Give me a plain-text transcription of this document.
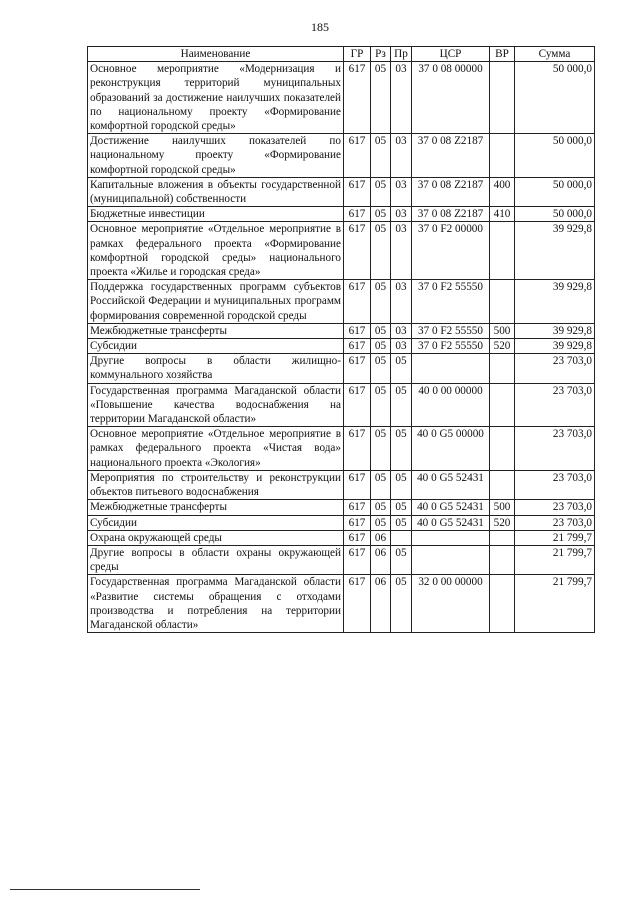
185
Наименование	ГР	Рз	Пр	ЦСР	ВР	Сумма
Основное мероприятие «Модернизация и реконструкция территорий муниципальных образований за достижение наилучших показателей по национальному проекту «Формирование комфортной городской среды»	617	05	03	37 0 08 00000		50 000,0
Достижение наилучших показателей по национальному проекту «Формирование комфортной городской среды»	617	05	03	37 0 08 Z2187		50 000,0
Капитальные вложения в объекты государственной (муниципальной) собственности	617	05	03	37 0 08 Z2187	400	50 000,0
Бюджетные инвестиции	617	05	03	37 0 08 Z2187	410	50 000,0
Основное мероприятие «Отдельное мероприятие в рамках федерального проекта «Формирование комфортной городской среды» национального проекта «Жилье и городская среда»	617	05	03	37 0 F2 00000		39 929,8
Поддержка государственных программ субъектов Российской Федерации и муниципальных программ формирования современной городской среды	617	05	03	37 0 F2 55550		39 929,8
Межбюджетные трансферты	617	05	03	37 0 F2 55550	500	39 929,8
Субсидии	617	05	03	37 0 F2 55550	520	39 929,8
Другие вопросы в области жилищно-коммунального хозяйства	617	05	05			23 703,0
Государственная программа Магаданской области «Повышение качества водоснабжения на территории Магаданской области»	617	05	05	40 0 00 00000		23 703,0
Основное мероприятие «Отдельное мероприятие в рамках федерального проекта «Чистая вода» национального проекта «Экология»	617	05	05	40 0 G5 00000		23 703,0
Мероприятия по строительству и реконструкции объектов питьевого водоснабжения	617	05	05	40 0 G5 52431		23 703,0
Межбюджетные трансферты	617	05	05	40 0 G5 52431	500	23 703,0
Субсидии	617	05	05	40 0 G5 52431	520	23 703,0
Охрана окружающей среды	617	06				21 799,7
Другие вопросы в области охраны окружающей среды	617	06	05			21 799,7
Государственная программа Магаданской области «Развитие системы обращения с отходами производства и потребления на территории Магаданской области»	617	06	05	32 0 00 00000		21 799,7
